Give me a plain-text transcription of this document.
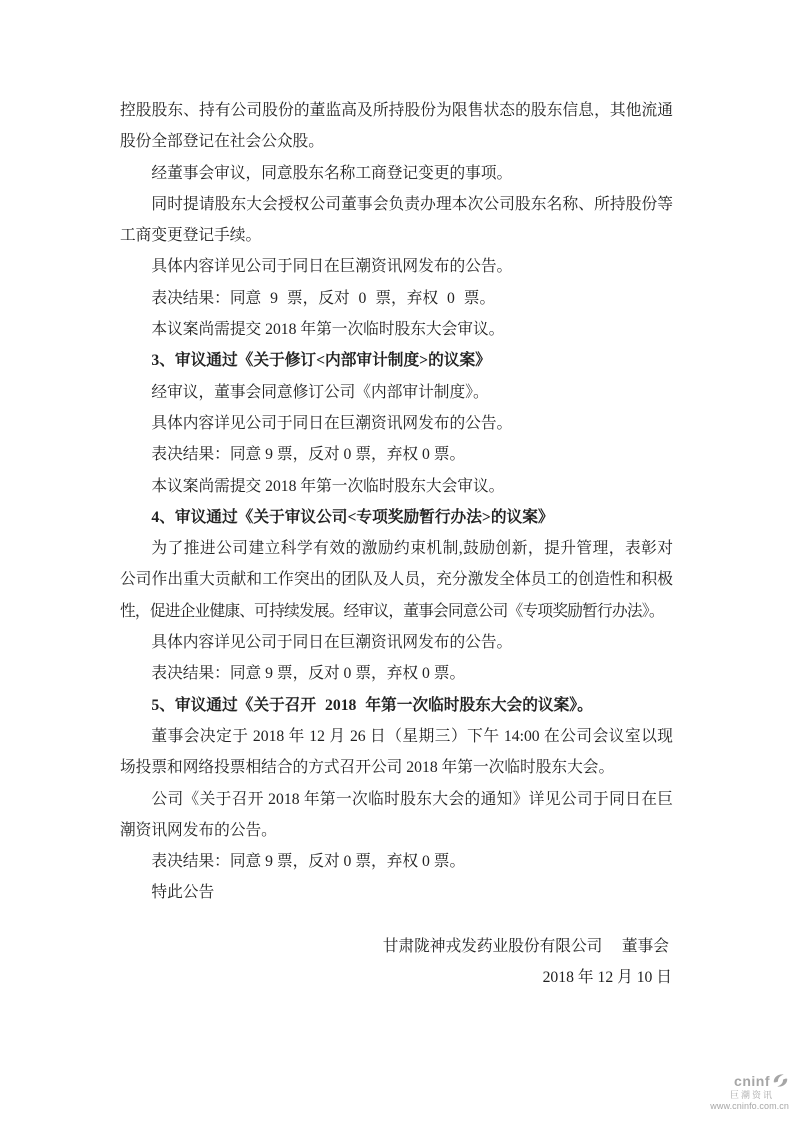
控股股东、持有公司股份的董监高及所持股份为限售状态的股东信息，其他流通
股份全部登记在社会公众股。
经董事会审议，同意股东名称工商登记变更的事项。
同时提请股东大会授权公司董事会负责办理本次公司股东名称、所持股份等
工商变更登记手续。
具体内容详见公司于同日在巨潮资讯网发布的公告。
表决结果：同意 9 票，反对 0 票，弃权 0 票。
本议案尚需提交 2018 年第一次临时股东大会审议。
3、审议通过《关于修订<内部审计制度>的议案》
经审议，董事会同意修订公司《内部审计制度》。
具体内容详见公司于同日在巨潮资讯网发布的公告。
表决结果：同意 9 票，反对 0 票，弃权 0 票。
本议案尚需提交 2018 年第一次临时股东大会审议。
4、审议通过《关于审议公司<专项奖励暂行办法>的议案》
为了推进公司建立科学有效的激励约束机制,鼓励创新，提升管理，表彰对
公司作出重大贡献和工作突出的团队及人员，充分激发全体员工的创造性和积极
性，促进企业健康、可持续发展。经审议，董事会同意公司《专项奖励暂行办法》。
具体内容详见公司于同日在巨潮资讯网发布的公告。
表决结果：同意 9 票，反对 0 票，弃权 0 票。
5、审议通过《关于召开 2018 年第一次临时股东大会的议案》。
董事会决定于 2018 年 12 月 26 日（星期三）下午 14:00 在公司会议室以现
场投票和网络投票相结合的方式召开公司 2018 年第一次临时股东大会。
公司《关于召开 2018 年第一次临时股东大会的通知》详见公司于同日在巨
潮资讯网发布的公告。
表决结果：同意 9 票，反对 0 票，弃权 0 票。
特此公告
甘肃陇神戎发药业股份有限公司　 董事会
2018 年 12 月 10 日
cninf
巨潮资讯
www.cninfo.com.cn
